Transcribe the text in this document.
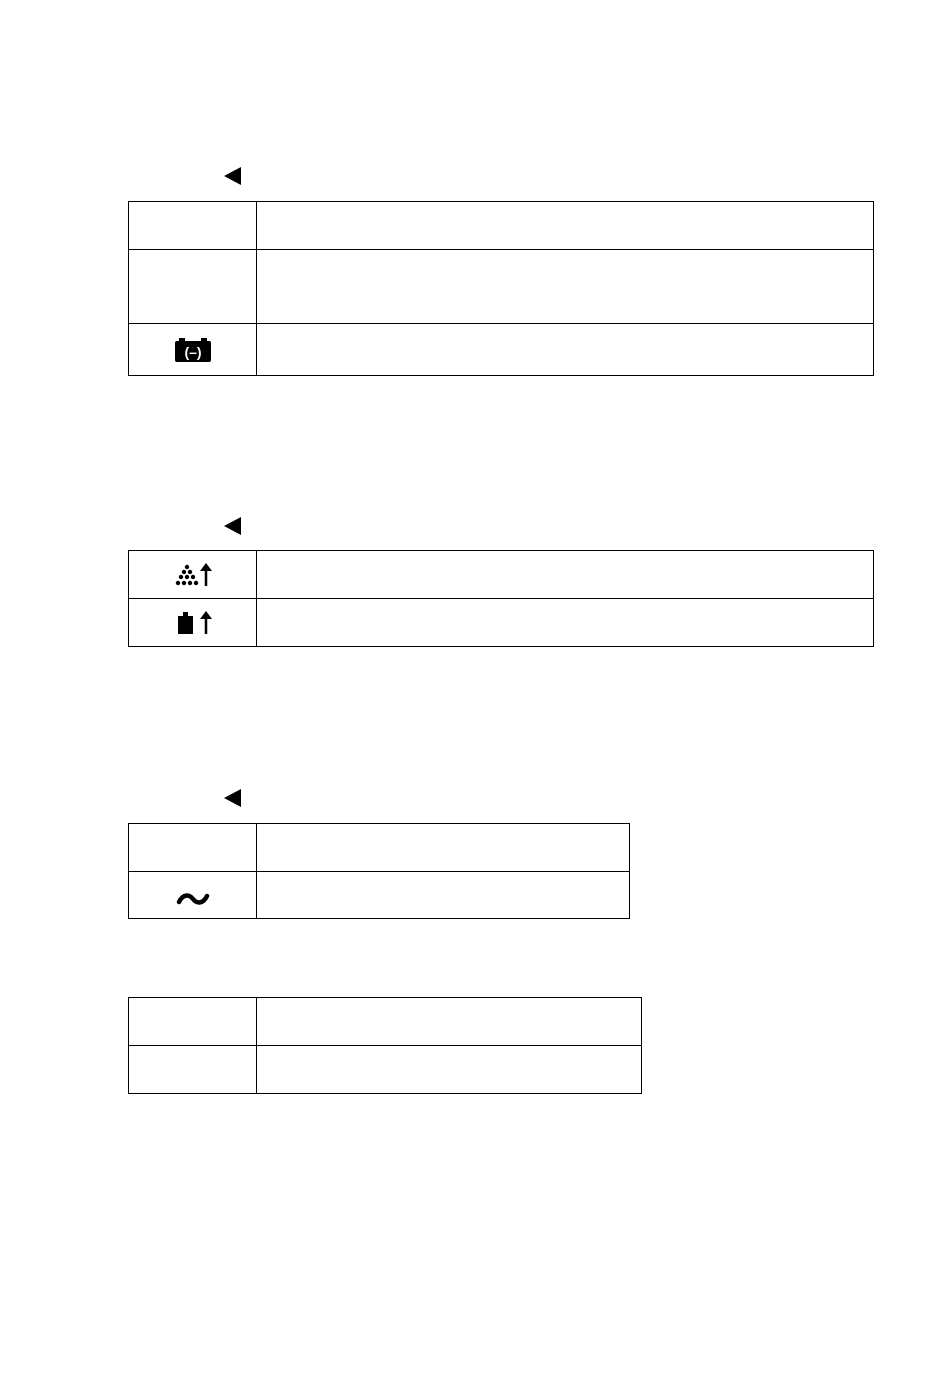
(–)	
